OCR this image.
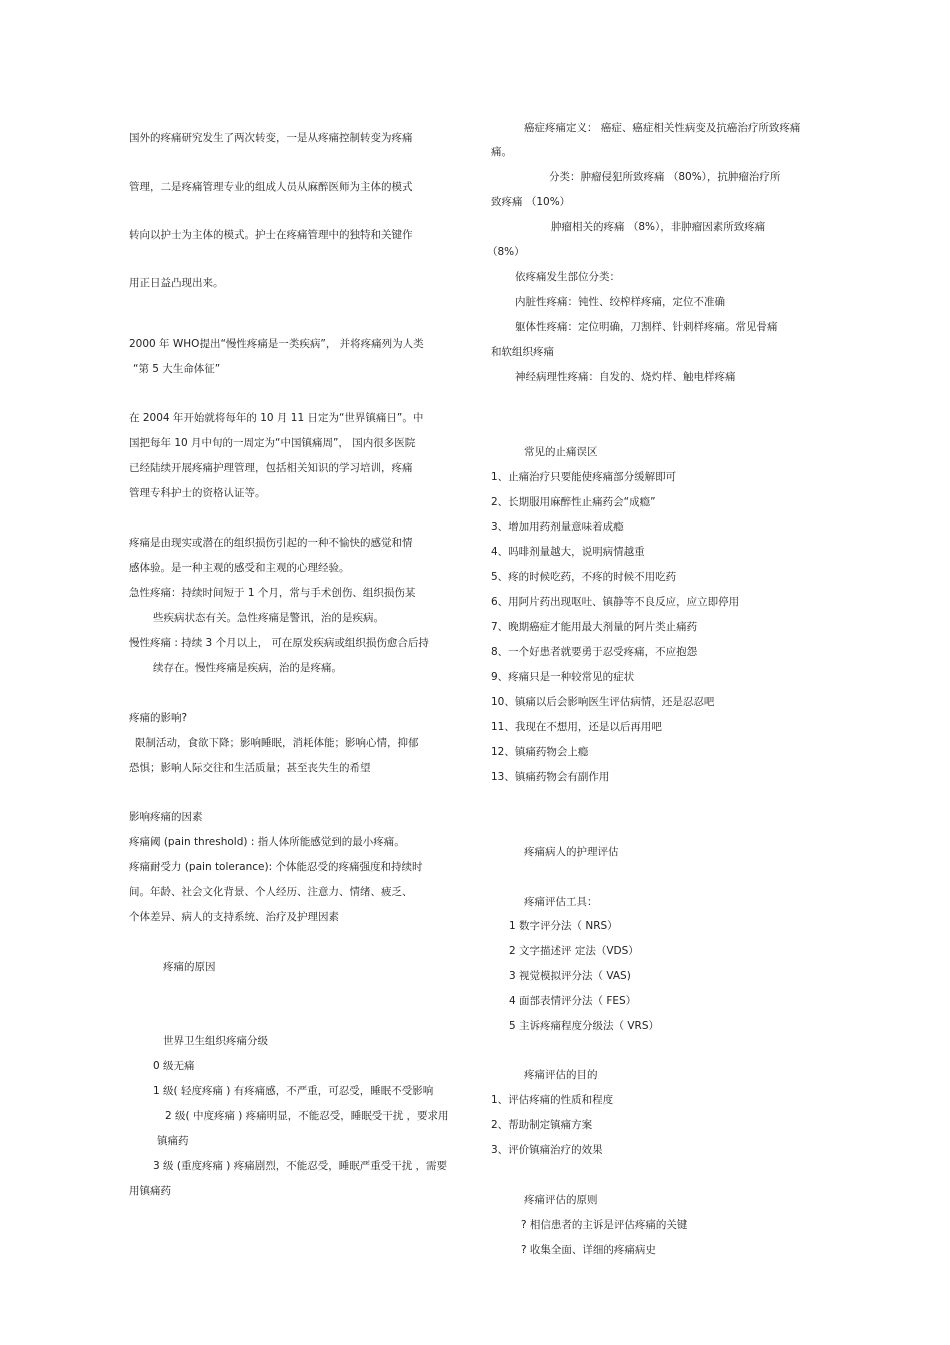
国外的疼痛研究发生了两次转变，一是从疼痛控制转变为疼痛
管理，二是疼痛管理专业的组成人员从麻醉医师为主体的模式
转向以护士为主体的模式。护士在疼痛管理中的独特和关键作
用正日益凸现出来。
2000 年 WHO提出“慢性疼痛是一类疾病”， 并将疼痛列为人类
“第 5 大生命体征”
在 2004 年开始就将每年的 10 月 11 日定为“世界镇痛日”。中
国把每年 10 月中旬的一周定为“中国镇痛周”， 国内很多医院
已经陆续开展疼痛护理管理，包括相关知识的学习培训，疼痛
管理专科护士的资格认证等。
疼痛是由现实或潜在的组织损伤引起的一种不愉快的感觉和情
感体验。是一种主观的感受和主观的心理经验。
急性疼痛：持续时间短于 1 个月，常与手术创伤、组织损伤某
些疾病状态有关。急性疼痛是警讯，治的是疾病。
慢性疼痛 : 持续 3 个月以上， 可在原发疾病或组织损伤愈合后持
续存在。慢性疼痛是疾病，治的是疼痛。
疼痛的影响?
限制活动，食欲下降；影响睡眠，消耗体能；影响心情，抑郁
恐惧；影响人际交往和生活质量；甚至丧失生的希望
影响疼痛的因素
疼痛阈 (pain threshold) : 指人体所能感觉到的最小疼痛。
疼痛耐受力 (pain tolerance): 个体能忍受的疼痛强度和持续时
间。年龄、社会文化背景、个人经历、注意力、情绪、疲乏、
个体差异、病人的支持系统、治疗及护理因素
疼痛的原因
世界卫生组织疼痛分级
0 级无痛
1 级( 轻度疼痛 ) 有疼痛感，不严重，可忍受，睡眠不受影响
2 级( 中度疼痛 ) 疼痛明显，不能忍受，睡眠受干扰 ，要求用
镇痛药
3 级 (重度疼痛 ) 疼痛剧烈，不能忍受，睡眠严重受干扰 ，需要
用镇痛药
癌症疼痛定义： 癌症、癌症相关性病变及抗癌治疗所致疼痛
痛。
分类：肿瘤侵犯所致疼痛 （80%），抗肿瘤治疗所
致疼痛 （10%）
肿瘤相关的疼痛 （8%），非肿瘤因素所致疼痛
（8%）
依疼痛发生部位分类：
内脏性疼痛：钝性、绞榨样疼痛，定位不准确
躯体性疼痛：定位明确，刀割样、针刺样疼痛。常见骨痛
和软组织疼痛
神经病理性疼痛：自发的、烧灼样、触电样疼痛
常见的止痛误区
1、止痛治疗只要能使疼痛部分缓解即可
2、长期服用麻醉性止痛药会“成瘾”
3、增加用药剂量意味着成瘾
4、吗啡剂量越大，说明病情越重
5、疼的时候吃药，不疼的时候不用吃药
6、用阿片药出现呕吐、镇静等不良反应，应立即停用
7、晚期癌症才能用最大剂量的阿片类止痛药
8、一个好患者就要勇于忍受疼痛，不应抱怨
9、疼痛只是一种较常见的症状
10、镇痛以后会影响医生评估病情，还是忍忍吧
11、我现在不想用，还是以后再用吧
12、镇痛药物会上瘾
13、镇痛药物会有副作用
疼痛病人的护理评估
疼痛评估工具：
1 数字评分法（ NRS）
2 文字描述评 定法（VDS）
3 视觉模拟评分法（ VAS)
4 面部表情评分法（ FES）
5 主诉疼痛程度分级法（ VRS）
疼痛评估的目的
1、评估疼痛的性质和程度
2、帮助制定镇痛方案
3、评价镇痛治疗的效果
疼痛评估的原则
? 相信患者的主诉是评估疼痛的关键
? 收集全面、详细的疼痛病史
